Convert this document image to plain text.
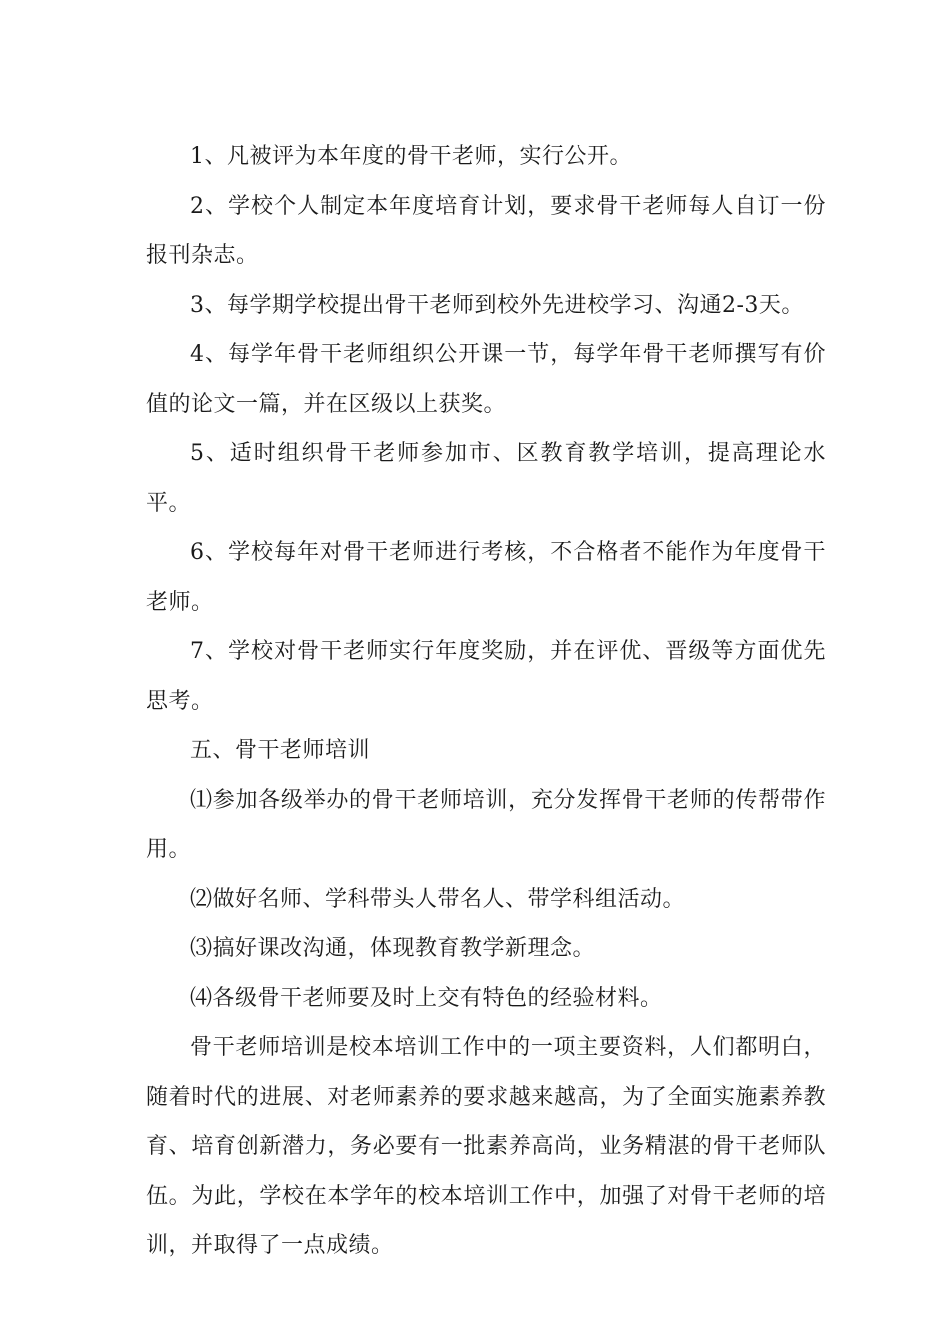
1、凡被评为本年度的骨干老师，实行公开。

2、学校个人制定本年度培育计划，要求骨干老师每人自订一份报刊杂志。

3、每学期学校提出骨干老师到校外先进校学习、沟通2-3天。

4、每学年骨干老师组织公开课一节，每学年骨干老师撰写有价值的论文一篇，并在区级以上获奖。

5、适时组织骨干老师参加市、区教育教学培训，提高理论水平。

6、学校每年对骨干老师进行考核，不合格者不能作为年度骨干老师。

7、学校对骨干老师实行年度奖励，并在评优、晋级等方面优先思考。

五、骨干老师培训

⑴参加各级举办的骨干老师培训，充分发挥骨干老师的传帮带作用。

⑵做好名师、学科带头人带名人、带学科组活动。

⑶搞好课改沟通，体现教育教学新理念。

⑷各级骨干老师要及时上交有特色的经验材料。

骨干老师培训是校本培训工作中的一项主要资料，人们都明白，随着时代的进展、对老师素养的要求越来越高，为了全面实施素养教育、培育创新潜力，务必要有一批素养高尚，业务精湛的骨干老师队伍。为此，学校在本学年的校本培训工作中，加强了对骨干老师的培训，并取得了一点成绩。
